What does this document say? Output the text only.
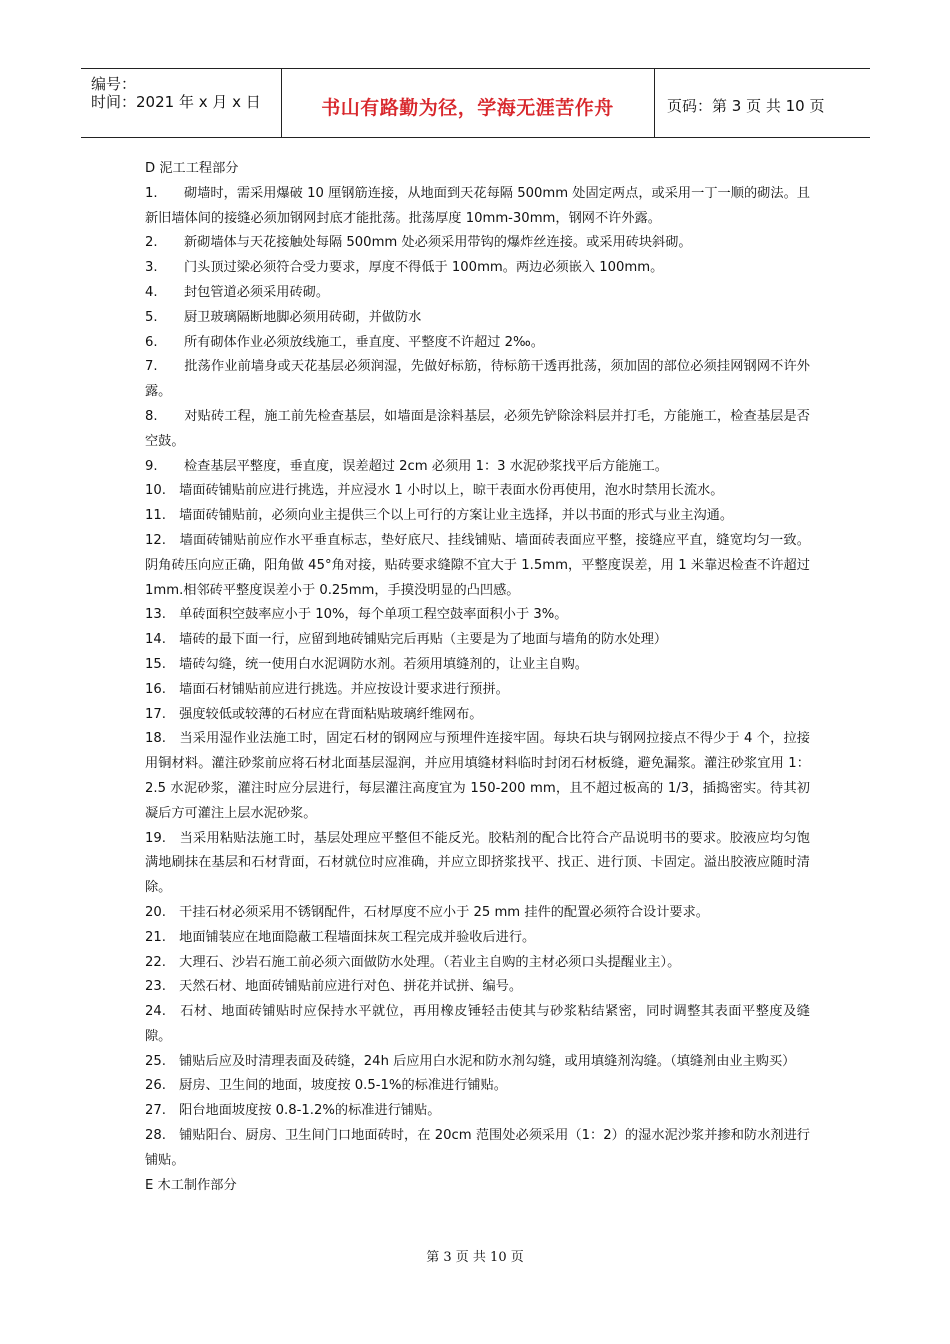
编号：
时间：2021 年 x 月 x 日	书山有路勤为径，学海无涯苦作舟	页码：第 3 页 共 10 页

D 泥工工程部分

1.　　砌墙时，需采用爆破 10 厘钢筋连接，从地面到天花每隔 500mm 处固定两点，或采用一丁一顺的砌法。且新旧墙体间的接缝必须加钢网封底才能批荡。批荡厚度 10mm-30mm，钢网不许外露。

2.　　新砌墙体与天花接触处每隔 500mm 处必须采用带钩的爆炸丝连接。或采用砖块斜砌。

3.　　门头顶过梁必须符合受力要求，厚度不得低于 100mm。两边必须嵌入 100mm。

4.　　封包管道必须采用砖砌。

5.　　厨卫玻璃隔断地脚必须用砖砌，并做防水

6.　　所有砌体作业必须放线施工，垂直度、平整度不许超过 2‰。

7.　　批荡作业前墙身或天花基层必须润湿，先做好标筋，待标筋干透再批荡，须加固的部位必须挂网钢网不许外露。

8.　　对贴砖工程，施工前先检查基层，如墙面是涂料基层，必须先铲除涂料层并打毛，方能施工，检查基层是否空鼓。

9.　　检查基层平整度，垂直度，误差超过 2cm 必须用 1：3 水泥砂浆找平后方能施工。

10.　墙面砖铺贴前应进行挑选，并应浸水 1 小时以上，晾干表面水份再使用，泡水时禁用长流水。

11.　墙面砖铺贴前，必须向业主提供三个以上可行的方案让业主选择，并以书面的形式与业主沟通。

12.　墙面砖铺贴前应作水平垂直标志，垫好底尺、挂线铺贴、墙面砖表面应平整，接缝应平直，缝宽均匀一致。阴角砖压向应正确，阳角做 45°角对接，贴砖要求缝隙不宜大于 1.5mm，平整度误差，用 1 米靠迟检查不许超过 1mm.相邻砖平整度误差小于 0.25mm，手摸没明显的凸凹感。

13.　单砖面积空鼓率应小于 10%，每个单项工程空鼓率面积小于 3%。

14.　墙砖的最下面一行，应留到地砖铺贴完后再贴（主要是为了地面与墙角的防水处理）

15.　墙砖勾缝，统一使用白水泥调防水剂。若须用填缝剂的，让业主自购。

16.　墙面石材铺贴前应进行挑选。并应按设计要求进行预拼。

17.　强度较低或较薄的石材应在背面粘贴玻璃纤维网布。

18.　当采用湿作业法施工时，固定石材的钢网应与预埋件连接牢固。每块石块与钢网拉接点不得少于 4 个，拉接用铜材料。灌注砂浆前应将石材北面基层湿润，并应用填缝材料临时封闭石材板缝，避免漏浆。灌注砂浆宜用 1：2.5 水泥砂浆，灌注时应分层进行，每层灌注高度宜为 150-200 mm，且不超过板高的 1/3，插捣密实。待其初凝后方可灌注上层水泥砂浆。

19.　当采用粘贴法施工时，基层处理应平整但不能反光。胶粘剂的配合比符合产品说明书的要求。胶液应均匀饱满地刷抹在基层和石材背面，石材就位时应准确，并应立即挤浆找平、找正、进行顶、卡固定。溢出胶液应随时清除。

20.　干挂石材必须采用不锈钢配件，石材厚度不应小于 25 mm 挂件的配置必须符合设计要求。

21.　地面铺装应在地面隐蔽工程墙面抹灰工程完成并验收后进行。

22.　大理石、沙岩石施工前必须六面做防水处理。（若业主自购的主材必须口头提醒业主）。

23.　天然石材、地面砖铺贴前应进行对色、拼花并试拼、编号。

24.　石材、地面砖铺贴时应保持水平就位，再用橡皮锤轻击使其与砂浆粘结紧密，同时调整其表面平整度及缝隙。

25.　铺贴后应及时清理表面及砖缝，24h 后应用白水泥和防水剂勾缝，或用填缝剂沟缝。（填缝剂由业主购买）

26.　厨房、卫生间的地面，坡度按 0.5-1%的标准进行铺贴。

27.　阳台地面坡度按 0.8-1.2%的标准进行铺贴。

28.　铺贴阳台、厨房、卫生间门口地面砖时，在 20cm 范围处必须采用（1：2）的湿水泥沙浆并掺和防水剂进行铺贴。

E 木工制作部分

第 3 页 共 10 页
